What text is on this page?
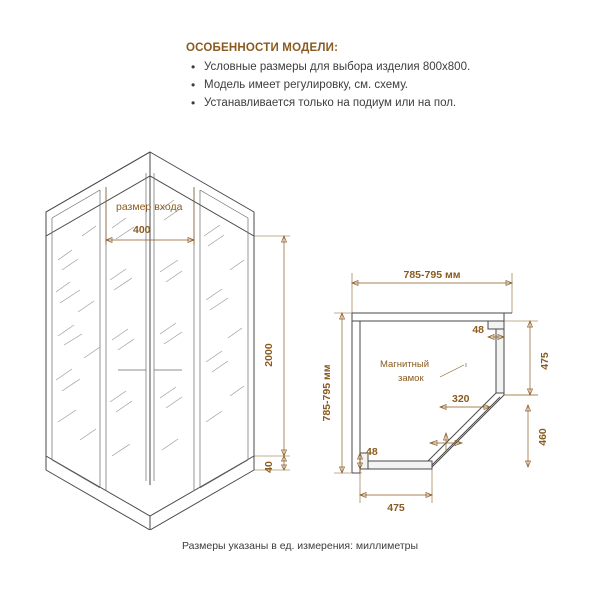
ОСОБЕННОСТИ МОДЕЛИ:
• Условные размеры для выбора изделия 800x800.
• Модель имеет регулировку, см. схему.
• Устанавливается только на подиум или на пол.
размер входа
400
2000
40
785-795 мм
785-795 мм	Магнитный
замок
48
475
320
48
460
475
Размеры указаны в ед. измерения: миллиметры
